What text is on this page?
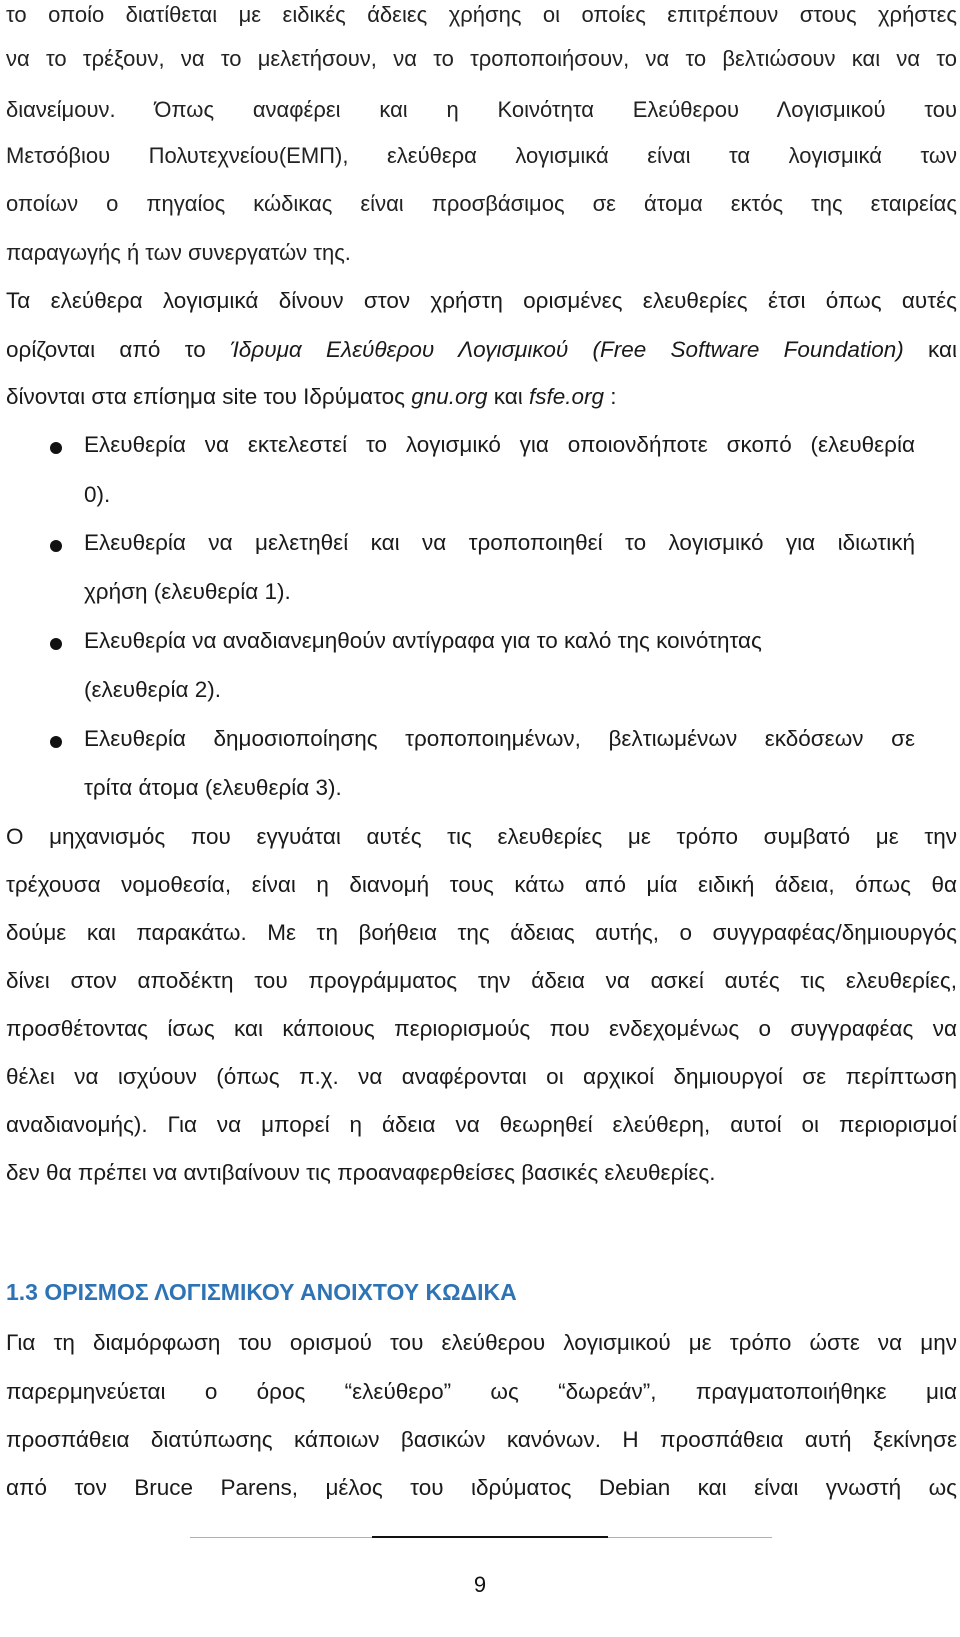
το οποίο διατίθεται με ειδικές άδειες χρήσης οι οποίες επιτρέπουν στους χρήστες
να το τρέξουν, να το μελετήσουν, να το τροποποιήσουν, να το βελτιώσουν και να το
διανείμουν. Όπως αναφέρει και η Κοινότητα Ελεύθερου Λογισμικού του
Μετσόβιου Πολυτεχνείου(ΕΜΠ), ελεύθερα λογισμικά είναι τα λογισμικά των
οποίων ο πηγαίος κώδικας είναι προσβάσιμος σε άτομα εκτός της εταιρείας
παραγωγής ή των συνεργατών της.
Τα ελεύθερα λογισμικά δίνουν στον χρήστη ορισμένες ελευθερίες έτσι όπως αυτές
ορίζονται από το Ίδρυμα Ελεύθερου Λογισμικού (Free Software Foundation) και
δίνονται στα επίσημα site του Ιδρύματος gnu.org και fsfe.org :
Ελευθερία να εκτελεστεί το λογισμικό για οποιονδήποτε σκοπό (ελευθερία
0).
Ελευθερία να μελετηθεί και να τροποποιηθεί το λογισμικό για ιδιωτική
χρήση (ελευθερία 1).
Ελευθερία να αναδιανεμηθούν αντίγραφα για το καλό της κοινότητας
(ελευθερία 2).
Ελευθερία δημοσιοποίησης τροποποιημένων, βελτιωμένων εκδόσεων σε
τρίτα άτομα (ελευθερία 3).
Ο μηχανισμός που εγγυάται αυτές τις ελευθερίες με τρόπο συμβατό με την
τρέχουσα νομοθεσία, είναι η διανομή τους κάτω από μία ειδική άδεια, όπως θα
δούμε και παρακάτω. Με τη βοήθεια της άδειας αυτής, ο συγγραφέας/δημιουργός
δίνει στον αποδέκτη του προγράμματος την άδεια να ασκεί αυτές τις ελευθερίες,
προσθέτοντας ίσως και κάποιους περιορισμούς που ενδεχομένως ο συγγραφέας να
θέλει να ισχύουν (όπως π.χ. να αναφέρονται οι αρχικοί δημιουργοί σε περίπτωση
αναδιανομής). Για να μπορεί η άδεια να θεωρηθεί ελεύθερη, αυτοί οι περιορισμοί
δεν θα πρέπει να αντιβαίνουν τις προαναφερθείσες βασικές ελευθερίες.
1.3 ΟΡΙΣΜΟΣ ΛΟΓΙΣΜΙΚΟΥ ΑΝΟΙΧΤΟΥ ΚΩΔΙΚΑ
Για τη διαμόρφωση του ορισμού του ελεύθερου λογισμικού με τρόπο ώστε να μην
παρερμηνεύεται ο όρος “ελεύθερο” ως “δωρεάν”, πραγματοποιήθηκε μια
προσπάθεια διατύπωσης κάποιων βασικών κανόνων. Η προσπάθεια αυτή ξεκίνησε
από τον Bruce Parens, μέλος του ιδρύματος Debian και είναι γνωστή ως
9
